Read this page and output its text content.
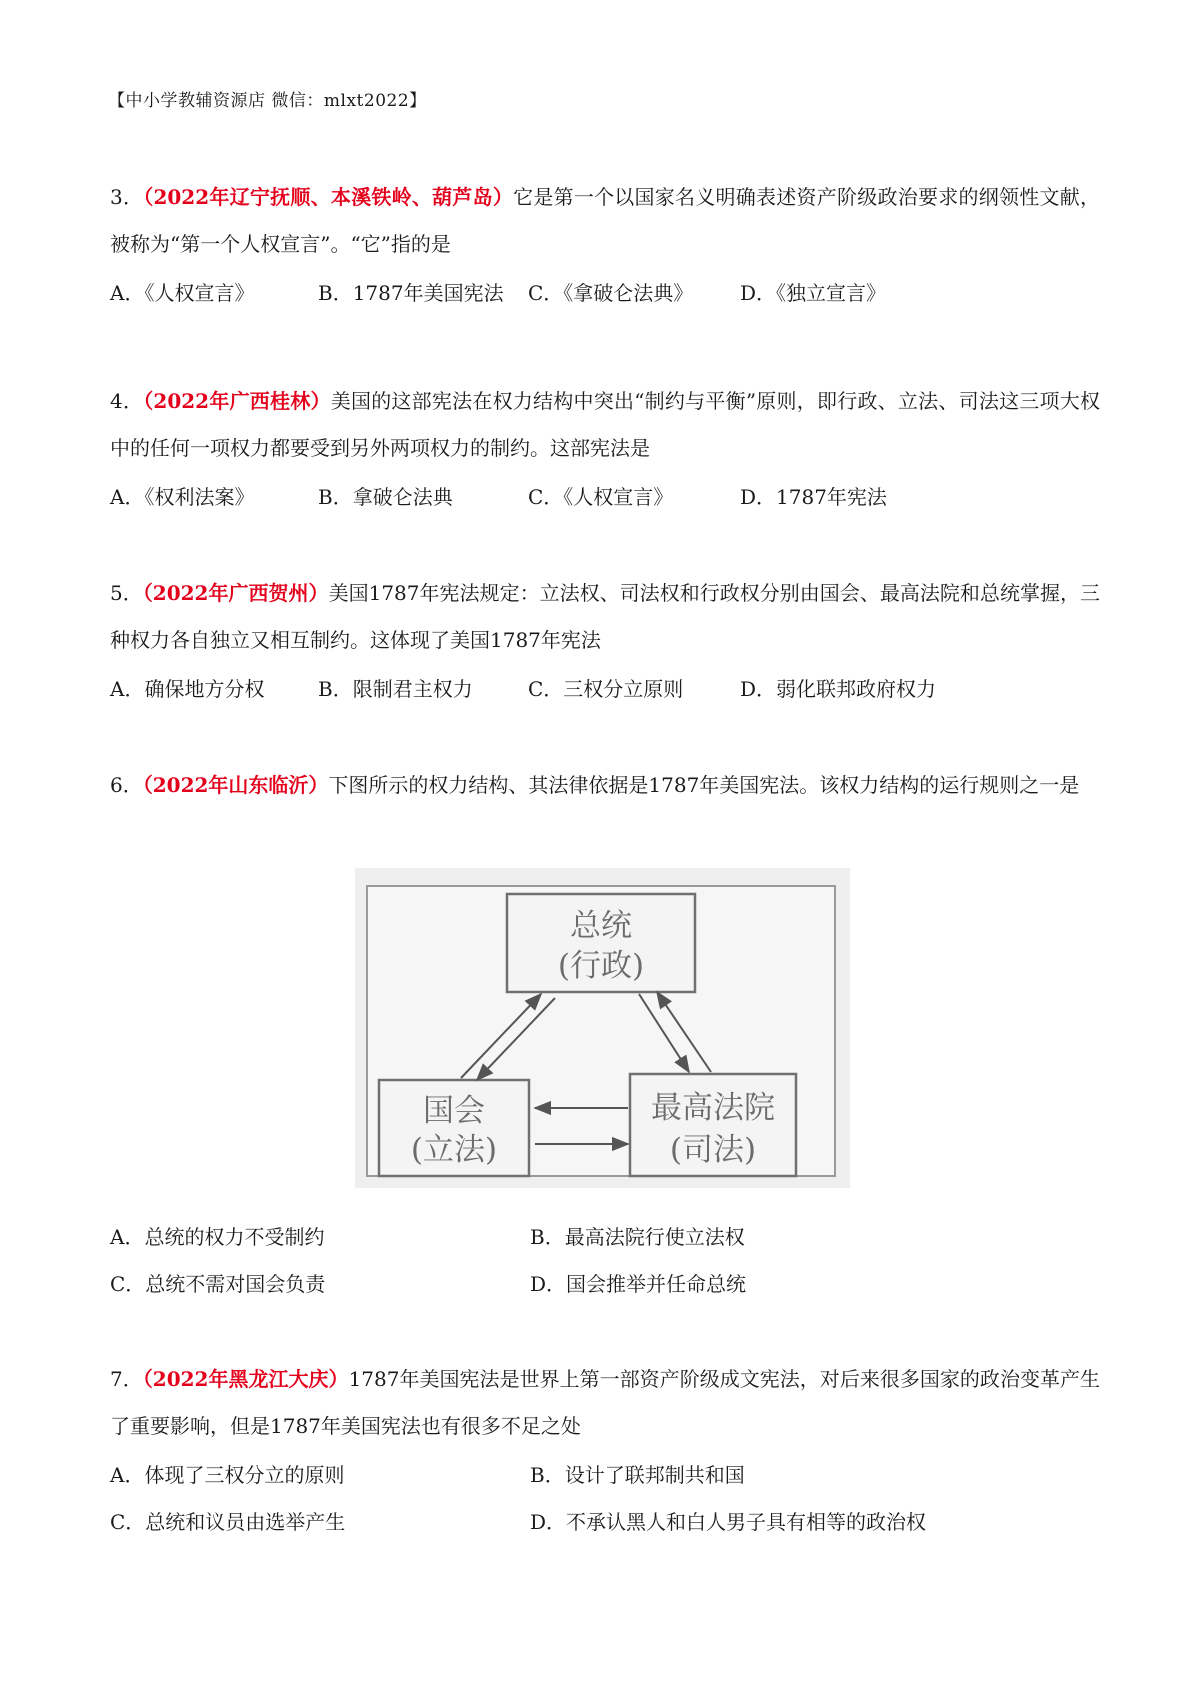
【中小学教辅资源店 微信：mlxt2022】
3．（2022年辽宁抚顺、本溪铁岭、葫芦岛）它是第一个以国家名义明确表述资产阶级政治要求的纲领性文献，被称为“第一个人权宣言”。“它”指的是
A．《人权宣言》	B．1787年美国宪法	C．《拿破仑法典》	D．《独立宣言》
4．（2022年广西桂林）美国的这部宪法在权力结构中突出“制约与平衡”原则，即行政、立法、司法这三项大权中的任何一项权力都要受到另外两项权力的制约。这部宪法是
A．《权利法案》	B．拿破仑法典	C．《人权宣言》	D．1787年宪法
5．（2022年广西贺州）美国1787年宪法规定：立法权、司法权和行政权分别由国会、最高法院和总统掌握，三种权力各自独立又相互制约。这体现了美国1787年宪法
A．确保地方分权	B．限制君主权力	C．三权分立原则	D．弱化联邦政府权力
6．（2022年山东临沂）下图所示的权力结构、其法律依据是1787年美国宪法。该权力结构的运行规则之一是
总统
(行政)
国会
(立法)
最高法院
(司法)
A．总统的权力不受制约	B．最高法院行使立法权
C．总统不需对国会负责	D．国会推举并任命总统
7．（2022年黑龙江大庆）1787年美国宪法是世界上第一部资产阶级成文宪法，对后来很多国家的政治变革产生了重要影响，但是1787年美国宪法也有很多不足之处
A．体现了三权分立的原则	B．设计了联邦制共和国
C．总统和议员由选举产生	D．不承认黑人和白人男子具有相等的政治权
